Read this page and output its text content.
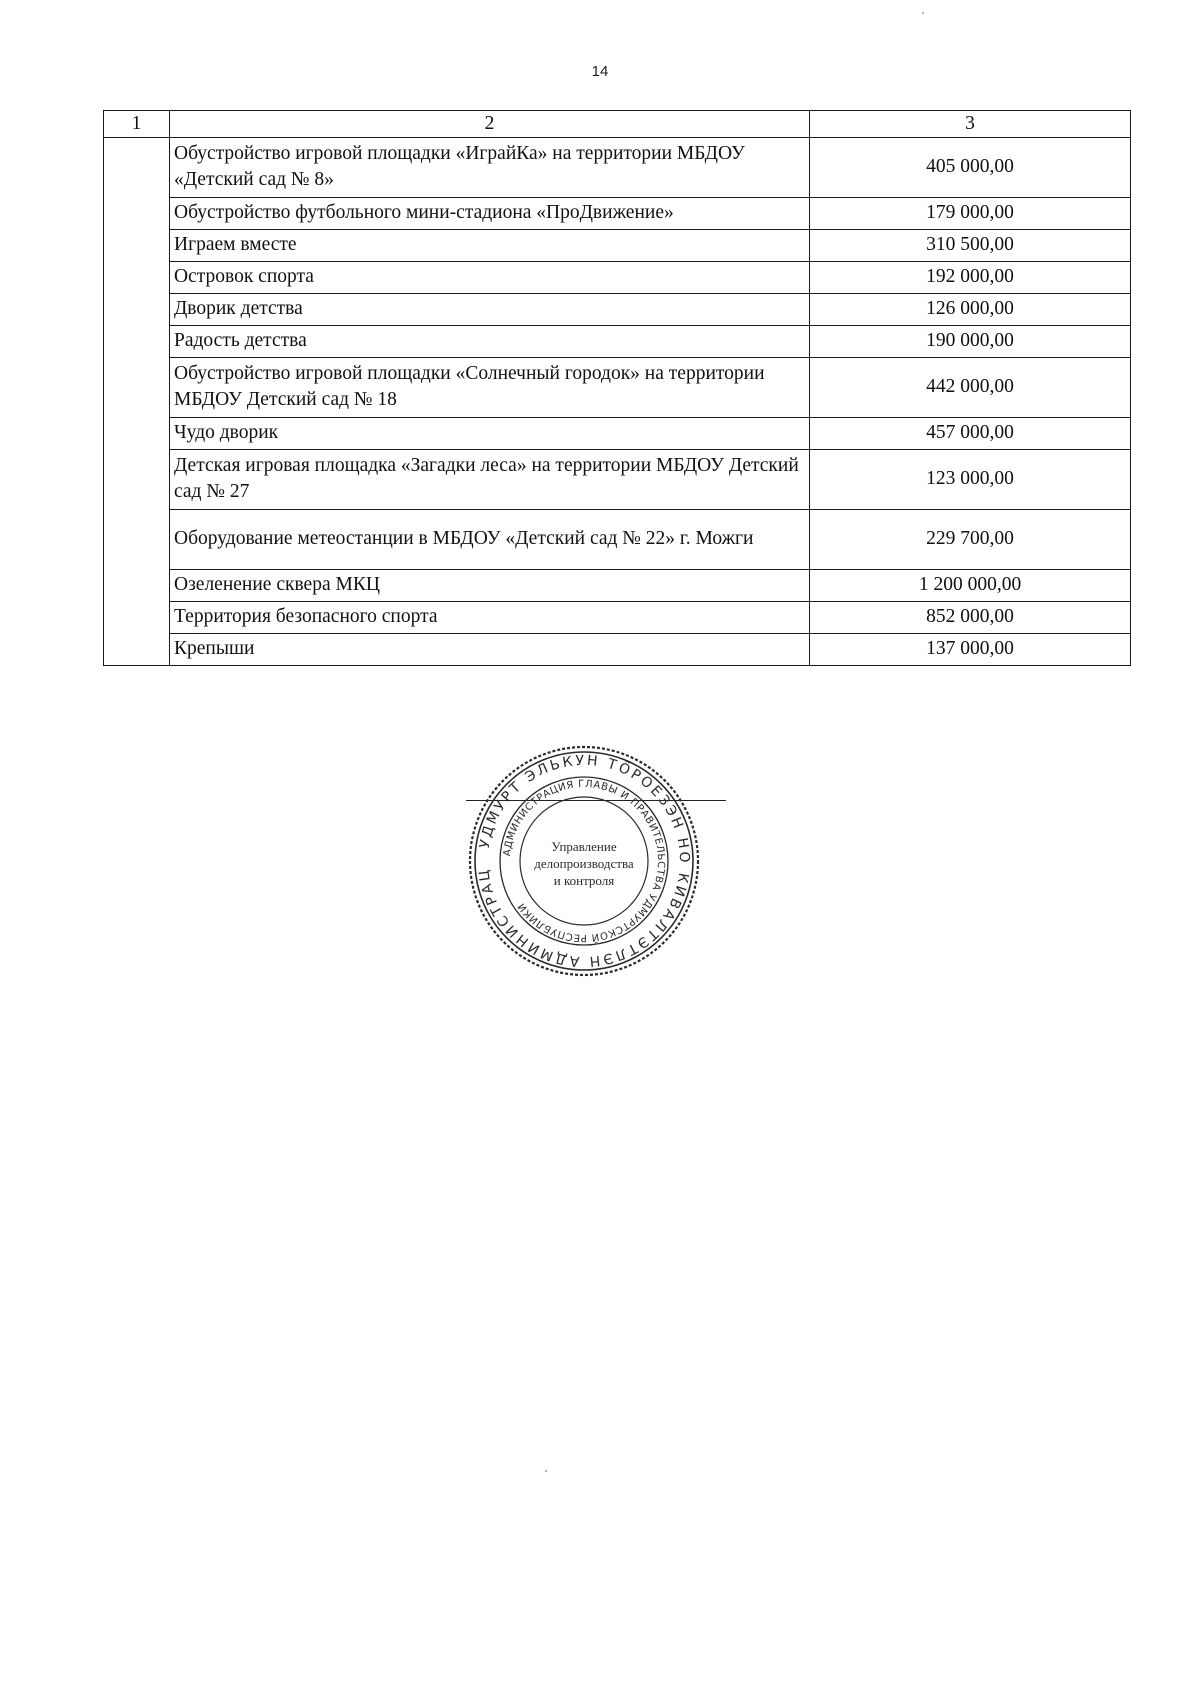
14
1	2	3
	Обустройство игровой площадки «ИграйКа» на территории МБДОУ «Детский сад № 8»	405 000,00
	Обустройство футбольного мини-стадиона «ПроДвижение»	179 000,00
	Играем вместе	310 500,00
	Островок спорта	192 000,00
	Дворик детства	126 000,00
	Радость детства	190 000,00
	Обустройство игровой площадки «Солнечный городок» на территории МБДОУ Детский сад № 18	442 000,00
	Чудо дворик	457 000,00
	Детская игровая площадка «Загадки леса» на территории МБДОУ Детский сад № 27	123 000,00
	Оборудование метеостанции в МБДОУ «Детский сад № 22» г. Можги	229 700,00
	Озеленение сквера МКЦ	1 200 000,00
	Территория безопасного спорта	852 000,00
	Крепыши	137 000,00
УДМУРТ ЭЛЬКУН ТӦРОЕЗЭН НО КИВАЛТЭТЛЭН АДМИНИСТРАЦ
АДМИНИСТРАЦИЯ ГЛАВЫ И ПРАВИТЕЛЬСТВА УДМУРТСКОЙ РЕСПУБЛИКИ
Управление
делопроизводства
и контроля
